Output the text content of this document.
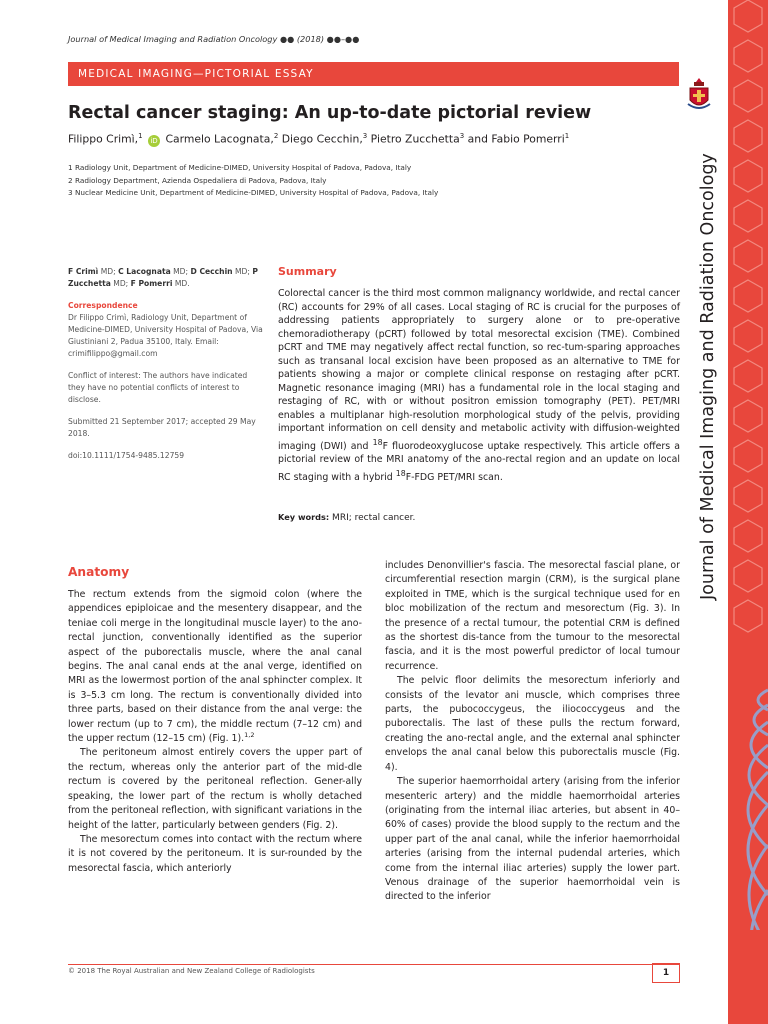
Journal of Medical Imaging and Radiation Oncology ●● (2018) ●●–●●
MEDICAL IMAGING—PICTORIAL ESSAY
Rectal cancer staging: An up-to-date pictorial review
Filippo Crimì,$^1$ iD Carmelo Lacognata,$^2$ Diego Cecchin,$^3$ Pietro Zucchetta$^3$ and Fabio Pomerri$^1$
1 Radiology Unit, Department of Medicine-DIMED, University Hospital of Padova, Padova, Italy
2 Radiology Department, Azienda Ospedaliera di Padova, Padova, Italy
3 Nuclear Medicine Unit, Department of Medicine-DIMED, University Hospital of Padova, Padova, Italy

F Crimì MD; C Lacognata MD; D Cecchin MD; P Zucchetta MD; F Pomerri MD.

Correspondence

Dr Filippo Crimì, Radiology Unit, Department of Medicine-DIMED, University Hospital of Padova, Via Giustiniani 2, Padua 35100, Italy. Email: crimifilippo@gmail.com

Conflict of interest: The authors have indicated they have no potential conflicts of interest to disclose.

Submitted 21 September 2017; accepted 29 May 2018.

doi:10.1111/1754-9485.12759

Summary
Colorectal cancer is the third most common malignancy worldwide, and rectal cancer (RC) accounts for 29% of all cases. Local staging of RC is crucial for the purposes of addressing patients appropriately to surgery alone or to pre-operative chemoradiotherapy (pCRT) followed by total mesorectal excision (TME). Combined pCRT and TME may negatively affect rectal function, so rec-tum-sparing approaches such as transanal local excision have been proposed as an alternative to TME for patients showing a major or complete clinical response on restaging after pCRT. Magnetic resonance imaging (MRI) has a fundamental role in the local staging and restaging of RC, with or without positron emission tomography (PET). PET/MRI enables a multiplanar high-resolution morphological study of the pelvis, providing important information on cell density and metabolic activity with diffusion-weighted imaging (DWI) and $^{18}$F fluorodeoxyglucose uptake respectively. This article offers a pictorial review of the MRI anatomy of the ano-rectal region and an update on local RC staging with a hybrid $^{18}$F-FDG PET/MRI scan.
Key words: MRI; rectal cancer.
Anatomy

The rectum extends from the sigmoid colon (where the appendices epiploicae and the mesentery disappear, and the teniae coli merge in the longitudinal muscle layer) to the ano-rectal junction, conventionally identified as the superior aspect of the puborectalis muscle, where the anal canal begins. The anal canal ends at the anal verge, identified on MRI as the lowermost portion of the anal sphincter complex. It is 3–5.3 cm long. The rectum is conventionally divided into three parts, based on their distance from the anal verge: the lower rectum (up to 7 cm), the middle rectum (7–12 cm) and the upper rectum (12–15 cm) (Fig. 1).$^{1,2}$

The peritoneum almost entirely covers the upper part of the rectum, whereas only the anterior part of the mid-dle rectum is covered by the peritoneal reflection. Gener-ally speaking, the lower part of the rectum is wholly detached from the peritoneal reflection, with significant variations in the height of the latter, particularly between genders (Fig. 2).

The mesorectum comes into contact with the rectum where it is not covered by the peritoneum. It is sur-rounded by the mesorectal fascia, which anteriorly

includes Denonvillier's fascia. The mesorectal fascial plane, or circumferential resection margin (CRM), is the surgical plane exploited in TME, which is the surgical technique used for en bloc mobilization of the rectum and mesorectum (Fig. 3). In the presence of a rectal tumour, the potential CRM is defined as the shortest dis-tance from the tumour to the mesorectal fascia, and it is the most powerful predictor of local tumour recurrence.

The pelvic floor delimits the mesorectum inferiorly and consists of the levator ani muscle, which comprises three parts, the pubococcygeus, the iliococcygeus and the puborectalis. The last of these pulls the rectum forward, creating the ano-rectal angle, and the external anal sphincter envelops the anal canal below this puborectalis muscle (Fig. 4).

The superior haemorrhoidal artery (arising from the inferior mesenteric artery) and the middle haemorrhoidal arteries (originating from the internal iliac arteries, but absent in 40–60% of cases) provide the blood supply to the rectum and the upper part of the anal canal, while the inferior haemorrhoidal arteries (arising from the internal pudendal arteries, which come from the internal iliac arteries) supply the lower part. Venous drainage of the superior haemorrhoidal vein is directed to the inferior

© 2018 The Royal Australian and New Zealand College of Radiologists	1
Journal of Medical Imaging and Radiation Oncology
